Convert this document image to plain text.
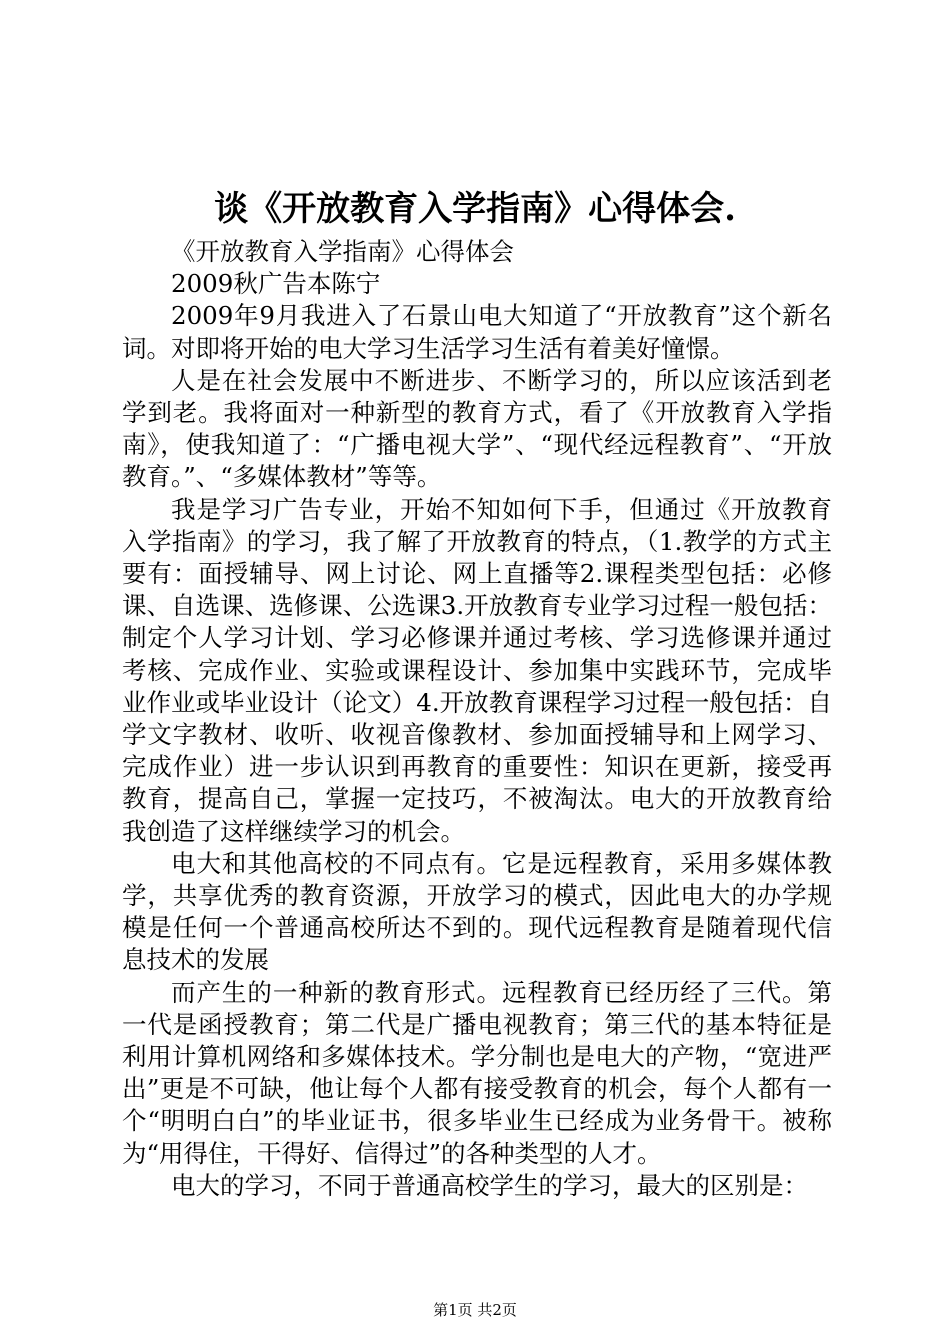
谈《开放教育入学指南》心得体会.

《开放教育入学指南》心得体会

2009秋广告本陈宁

2009年9月我进入了石景山电大知道了“开放教育”这个新名词。对即将开始的电大学习生活学习生活有着美好憧憬。

人是在社会发展中不断进步、不断学习的，所以应该活到老学到老。我将面对一种新型的教育方式，看了《开放教育入学指南》，使我知道了：“广播电视大学”、“现代经远程教育”、“开放教育。”、“多媒体教材”等等。

我是学习广告专业，开始不知如何下手，但通过《开放教育入学指南》的学习，我了解了开放教育的特点，（1.教学的方式主要有：面授辅导、网上讨论、网上直播等2.课程类型包括：必修课、自选课、选修课、公选课3.开放教育专业学习过程一般包括：制定个人学习计划、学习必修课并通过考核、学习选修课并通过考核、完成作业、实验或课程设计、参加集中实践环节，完成毕业作业或毕业设计（论文）4.开放教育课程学习过程一般包括：自学文字教材、收听、收视音像教材、参加面授辅导和上网学习、完成作业）进一步认识到再教育的重要性：知识在更新，接受再教育，提高自己，掌握一定技巧，不被淘汰。电大的开放教育给我创造了这样继续学习的机会。

电大和其他高校的不同点有。它是远程教育，采用多媒体教学，共享优秀的教育资源，开放学习的模式，因此电大的办学规模是任何一个普通高校所达不到的。现代远程教育是随着现代信息技术的发展

而产生的一种新的教育形式。远程教育已经历经了三代。第一代是函授教育；第二代是广播电视教育；第三代的基本特征是利用计算机网络和多媒体技术。学分制也是电大的产物，“宽进严出”更是不可缺，他让每个人都有接受教育的机会，每个人都有一个“明明白白”的毕业证书，很多毕业生已经成为业务骨干。被称为“用得住，干得好、信得过”的各种类型的人才。

电大的学习，不同于普通高校学生的学习，最大的区别是：

第1页 共2页
